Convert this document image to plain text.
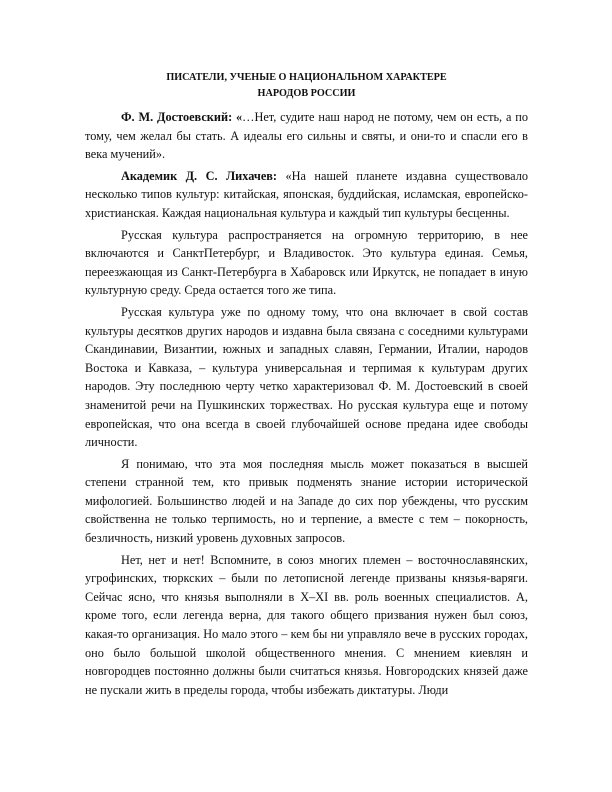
ПИСАТЕЛИ, УЧЕНЫЕ О НАЦИОНАЛЬНОМ ХАРАКТЕРЕ
НАРОДОВ РОССИИ

Ф. М. Достоевский: «…Нет, судите наш народ не потому, чем он есть, а по тому, чем желал бы стать. А идеалы его сильны и святы, и они-то и спасли его в века мучений».

Академик Д. С. Лихачев: «На нашей планете издавна существовало несколько типов культур: китайская, японская, буддийская, исламская, европейско-христианская. Каждая национальная культура и каждый тип культуры бесценны.

Русская культура распространяется на огромную территорию, в нее включаются и СанктПетербург, и Владивосток. Это культура единая. Семья, переезжающая из Санкт-Петербурга в Хабаровск или Иркутск, не попадает в иную культурную среду. Среда остается того же типа.

Русская культура уже по одному тому, что она включает в свой состав культуры десятков других народов и издавна была связана с соседними культурами Скандинавии, Византии, южных и западных славян, Германии, Италии, народов Востока и Кавказа, – культура универсальная и терпимая к культурам других народов. Эту последнюю черту четко характеризовал Ф. М. Достоевский в своей знаменитой речи на Пушкинских торжествах. Но русская культура еще и потому европейская, что она всегда в своей глубочайшей основе предана идее свободы личности.

Я понимаю, что эта моя последняя мысль может показаться в высшей степени странной тем, кто привык подменять знание истории исторической мифологией. Большинство людей и на Западе до сих пор убеждены, что русским свойственна не только терпимость, но и терпение, а вместе с тем – покорность, безличность, низкий уровень духовных запросов.

Нет, нет и нет! Вспомните, в союз многих племен – восточнославянских, угрофинских, тюркских – были по летописной легенде призваны князья-варяги. Сейчас ясно, что князья выполняли в X–XI вв. роль военных специалистов. А, кроме того, если легенда верна, для такого общего призвания нужен был союз, какая-то организация. Но мало этого – кем бы ни управляло вече в русских городах, оно было большой школой общественного мнения. С мнением киевлян и новгородцев постоянно должны были считаться князья. Новгородских князей даже не пускали жить в пределы города, чтобы избежать диктатуры. Люди
